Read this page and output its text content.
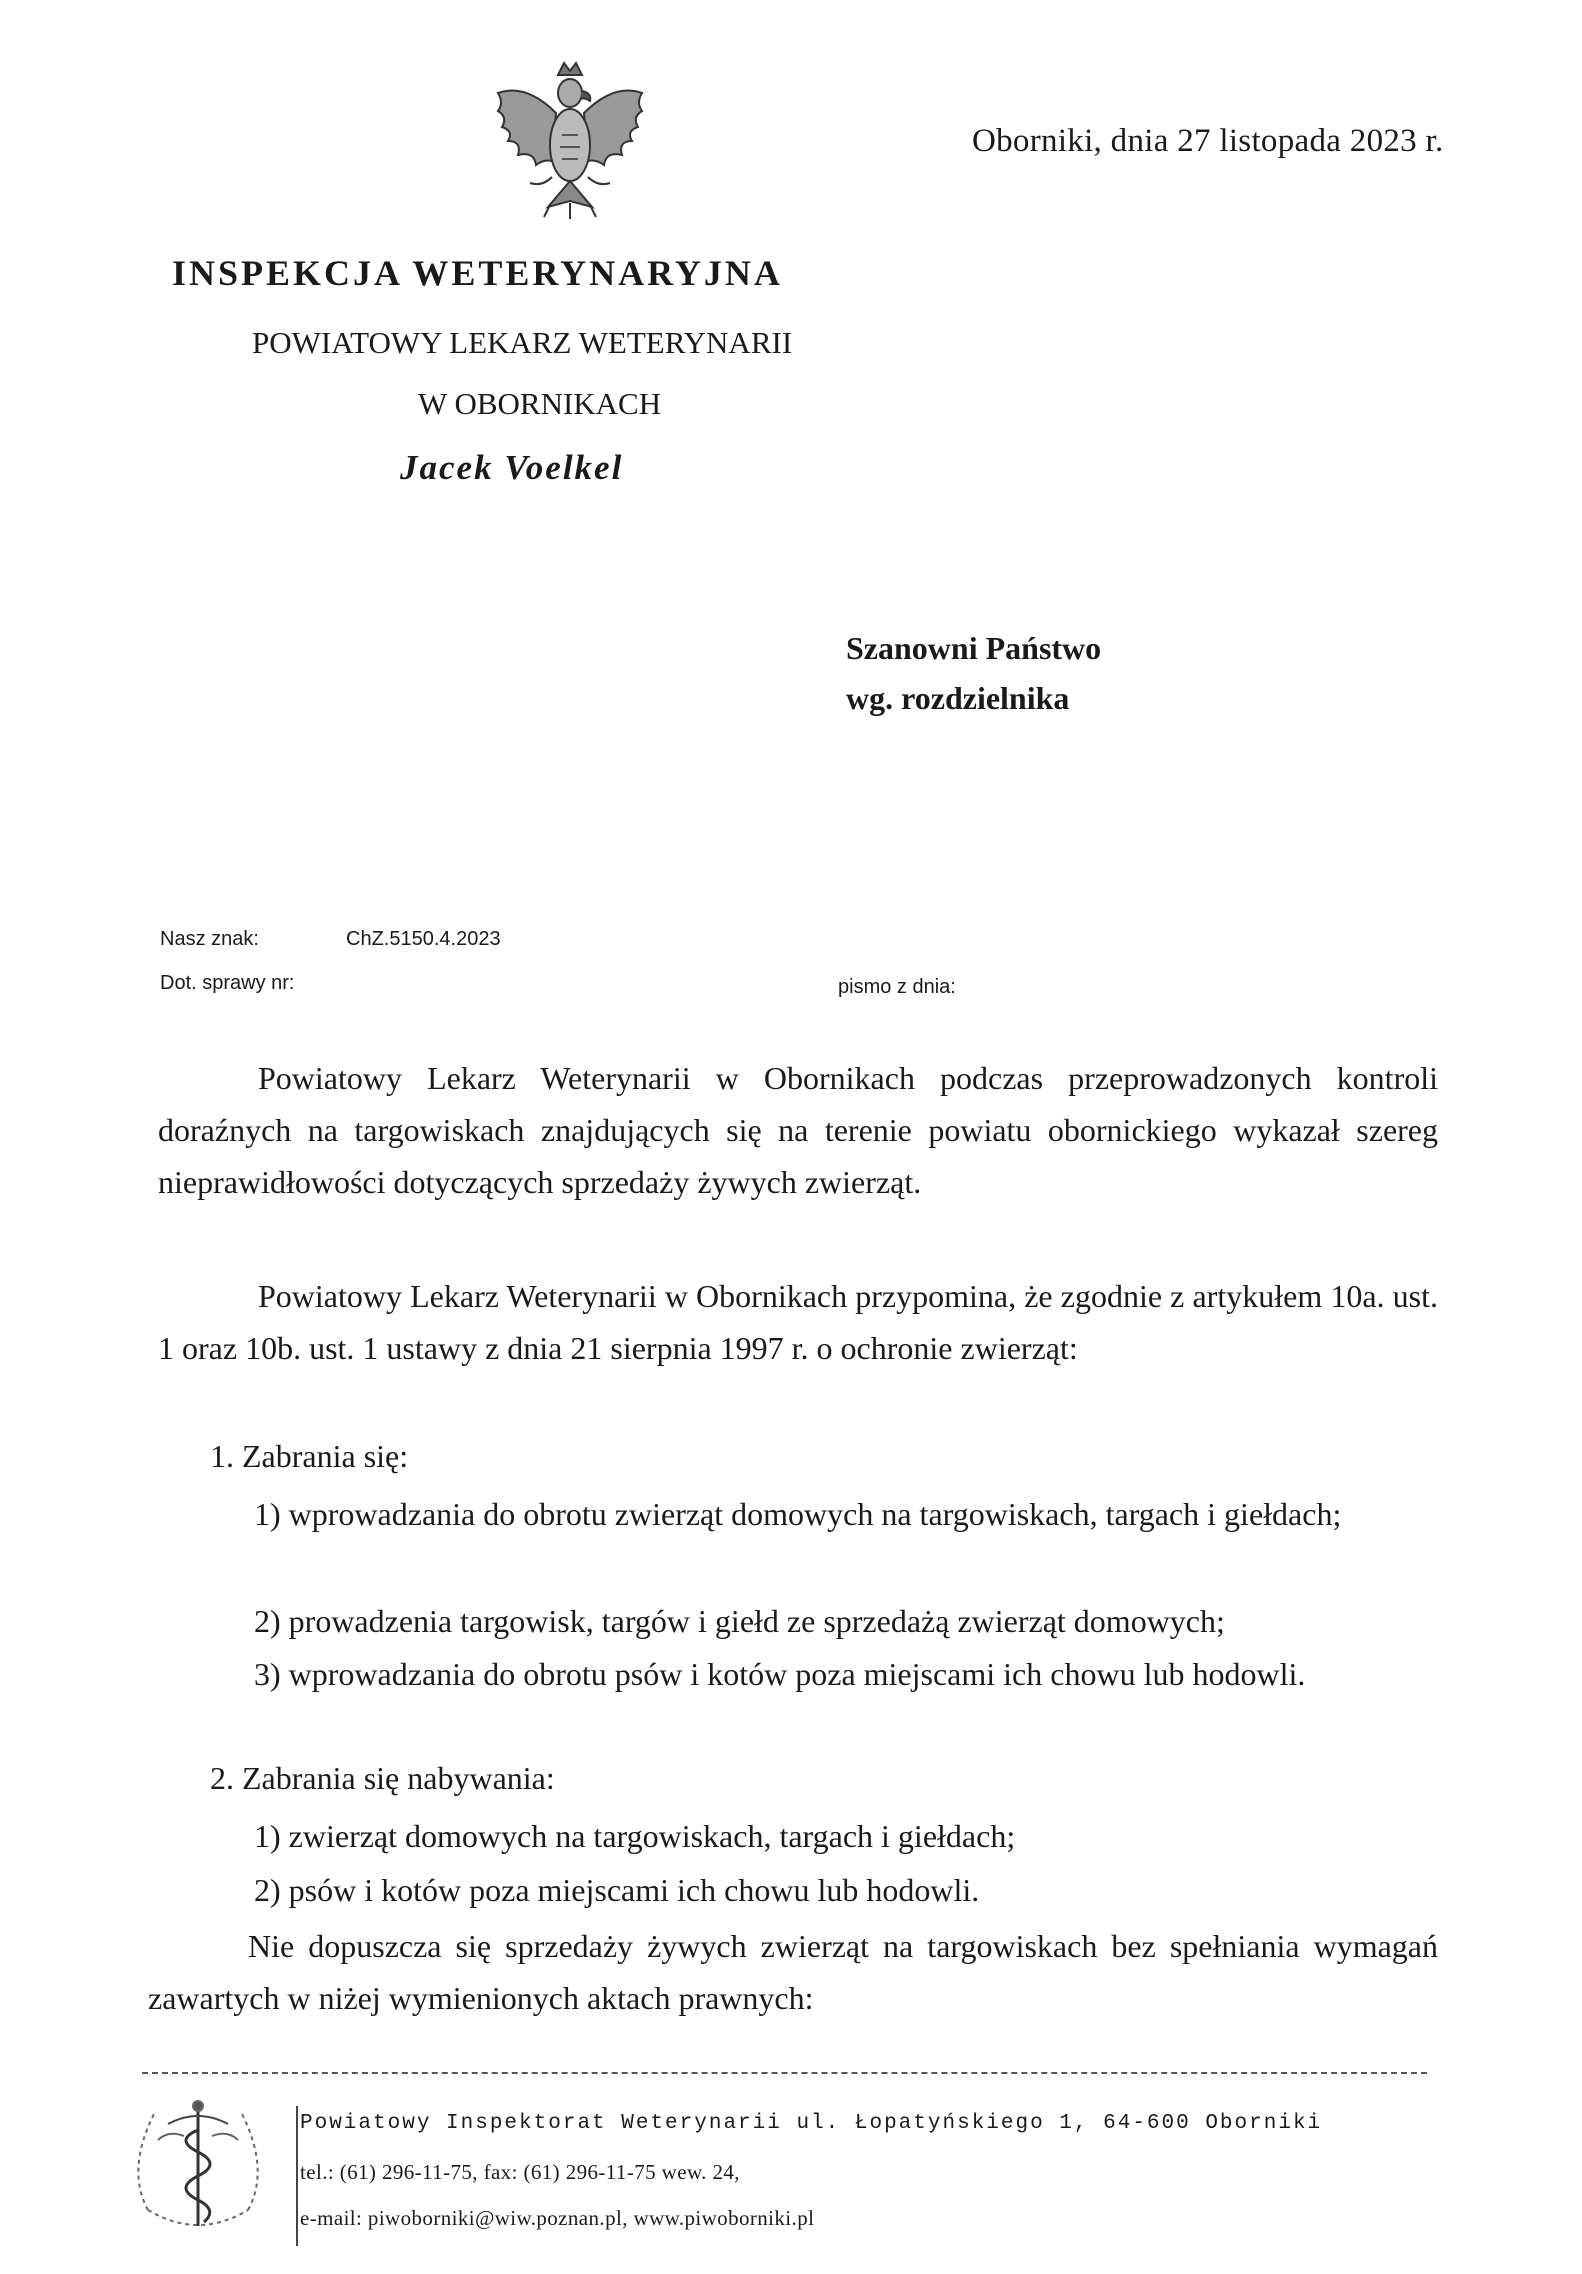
Oborniki, dnia 27 listopada 2023 r.
INSPEKCJA WETERYNARYJNA
POWIATOWY LEKARZ WETERYNARII
W OBORNIKACH
Jacek Voelkel
Szanowni Państwo
wg. rozdzielnika
Nasz znak:	ChZ.5150.4.2023
Dot. sprawy nr:	pismo z dnia:
Powiatowy Lekarz Weterynarii w Obornikach podczas przeprowadzonych kontroli doraźnych na targowiskach znajdujących się na terenie powiatu obornickiego wykazał szereg nieprawidłowości dotyczących sprzedaży żywych zwierząt.
Powiatowy Lekarz Weterynarii w Obornikach przypomina, że zgodnie z artykułem 10a. ust. 1 oraz 10b. ust. 1 ustawy z dnia 21 sierpnia 1997 r. o ochronie zwierząt:
1. Zabrania się:
1) wprowadzania do obrotu zwierząt domowych na targowiskach, targach i giełdach;
2) prowadzenia targowisk, targów i giełd ze sprzedażą zwierząt domowych;
3) wprowadzania do obrotu psów i kotów poza miejscami ich chowu lub hodowli.
2. Zabrania się nabywania:
1) zwierząt domowych na targowiskach, targach i giełdach;
2) psów i kotów poza miejscami ich chowu lub hodowli.
Nie dopuszcza się sprzedaży żywych zwierząt na targowiskach bez spełniania wymagań zawartych w niżej wymienionych aktach prawnych:
Powiatowy Inspektorat Weterynarii ul. Łopatyńskiego 1, 64-600 Oborniki
tel.: (61) 296-11-75, fax: (61) 296-11-75 wew. 24,
e-mail: piwoborniki@wiw.poznan.pl, www.piwoborniki.pl
